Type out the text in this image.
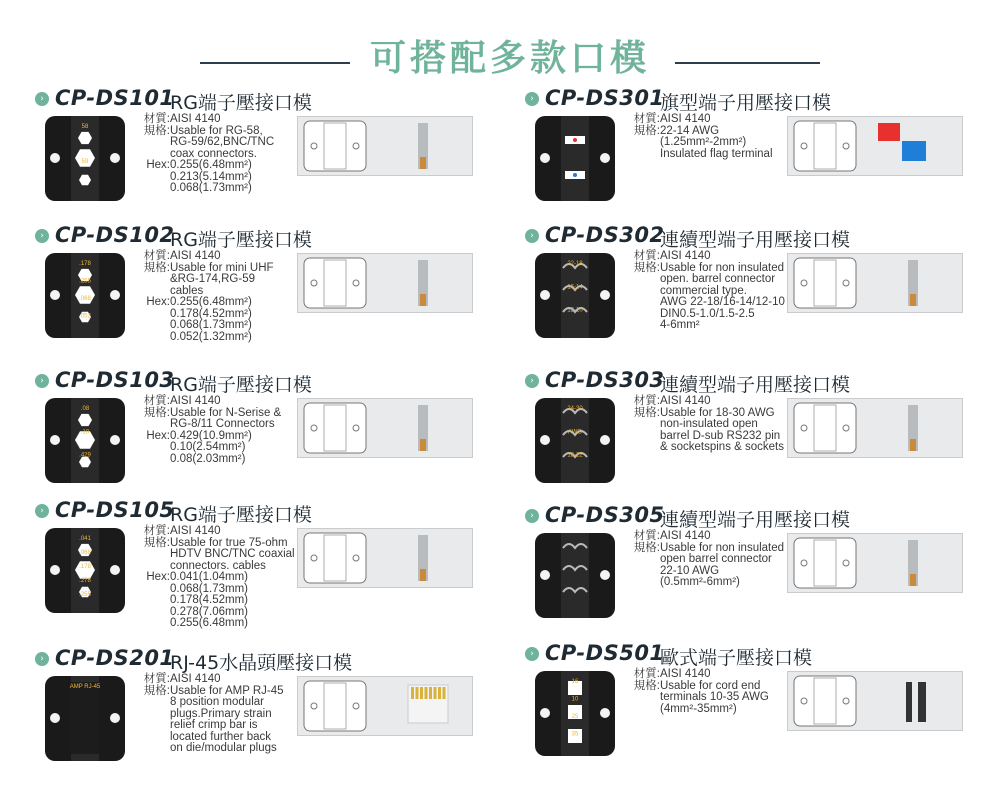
可搭配多款口模
› CP-DS101
RG端子壓接口模
58
59
材質:AISI 4140
規格:Usable for RG-58,
RG-59/62,BNC/TNC
coax connectors.
Hex:0.255(6.48mm²)
0.213(5.14mm²)
0.068(1.73mm²)
› CP-DS102
RG端子壓接口模
.178
.255
.068
.052
材質:AISI 4140
規格:Usable for mini UHF
&RG-174,RG-59
cables
Hex:0.255(6.48mm²)
0.178(4.52mm²)
0.068(1.73mm²)
0.052(1.32mm²)
› CP-DS103
RG端子壓接口模
.08
.10
.429
材質:AISI 4140
規格:Usable for N-Serise &
RG-8/11 Connectors
Hex:0.429(10.9mm²)
0.10(2.54mm²)
0.08(2.03mm²)
› CP-DS105
RG端子壓接口模
.041
.068
.178
.278
.255
材質:AISI 4140
規格:Usable for true 75-ohm
HDTV BNC/TNC coaxial
connectors. cables
Hex:0.041(1.04mm)
0.068(1.73mm)
0.178(4.52mm)
0.278(7.06mm)
0.255(6.48mm)
› CP-DS201
RJ-45水晶頭壓接口模
AMP RJ-45
材質:AISI 4140
規格:Usable for AMP RJ-45
8 position modular
plugs.Primary strain
relief crimp bar is
located further back
on die/modular plugs
› CP-DS301
旗型端子用壓接口模
材質:AISI 4140
規格:22-14 AWG
(1.25mm²-2mm²)
Insulated flag terminal
› CP-DS302
連續型端子用壓接口模
22-18
16-14
12-10
材質:AISI 4140
規格:Usable for non insulated
open. barrel connector
commercial type.
AWG 22-18/16-14/12-10
DIN0.5-1.0/1.5-2.5
4-6mm²
› CP-DS303
連續型端子用壓接口模
24-30
AWG
18-22
材質:AISI 4140
規格:Usable for 18-30 AWG
non-insulated open
barrel D-sub RS232 pin
& socketspins & sockets
› CP-DS305
連續型端子用壓接口模
材質:AISI 4140
規格:Usable for non insulated
open barrel connector
22-10 AWG
(0.5mm²-6mm²)
› CP-DS501
歐式端子壓接口模
16
10
25
35
材質:AISI 4140
規格:Usable for cord end
terminals 10-35 AWG
(4mm²-35mm²)
